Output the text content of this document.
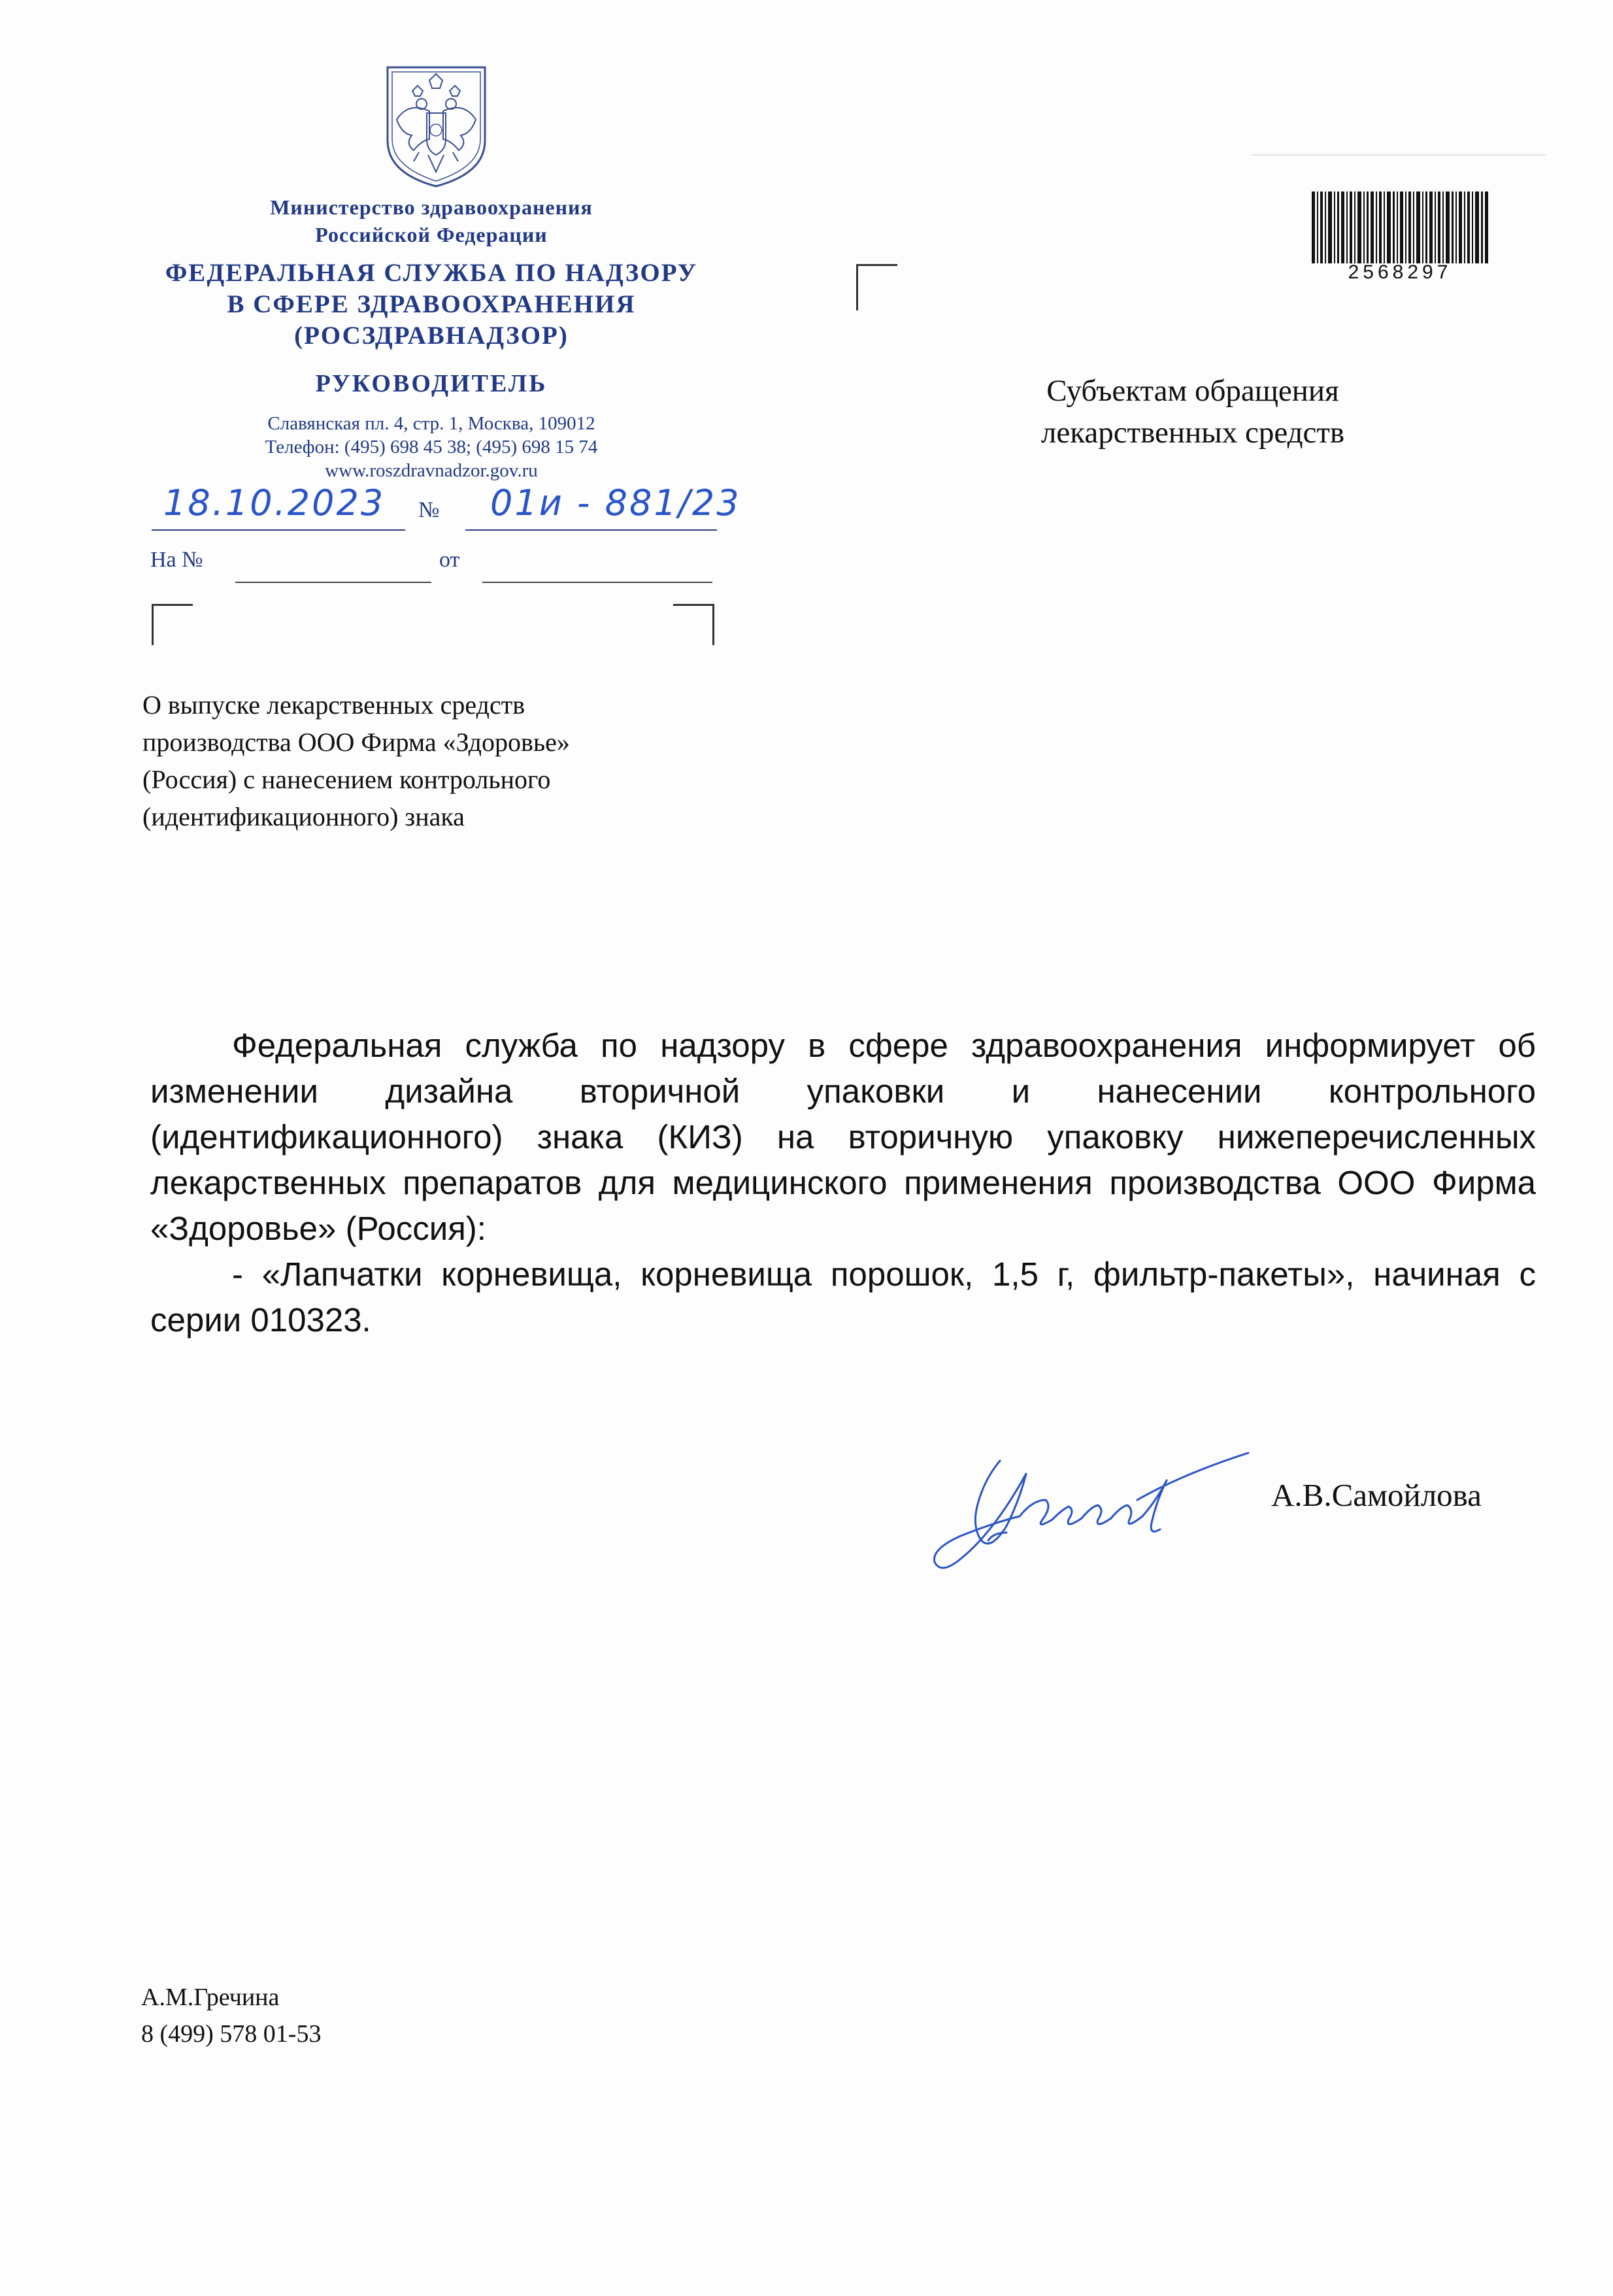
Министерство здравоохранения
Российской Федерации
ФЕДЕРАЛЬНАЯ СЛУЖБА ПО НАДЗОРУ
В СФЕРЕ ЗДРАВООХРАНЕНИЯ
(РОСЗДРАВНАДЗОР)
РУКОВОДИТЕЛЬ
Славянская пл. 4, стр. 1, Москва, 109012
Телефон: (495) 698 45 38; (495) 698 15 74
www.roszdravnadzor.gov.ru
18.10.2023 № 01и - 881/23
На №	от
2568297
Субъектам обращения
лекарственных средств
О выпуске лекарственных средств
производства ООО Фирма «Здоровье»
(Россия) с нанесением контрольного
(идентификационного) знака

Федеральная служба по надзору в сфере здравоохранения информирует об изменении дизайна вторичной упаковки и нанесении контрольного (идентификационного) знака (КИЗ) на вторичную упаковку нижеперечисленных лекарственных препаратов для медицинского применения производства ООО Фирма «Здоровье» (Россия):

- «Лапчатки корневища, корневища порошок, 1,5 г, фильтр-пакеты», начиная с серии 010323.

А.В.Самойлова
А.М.Гречина
8 (499) 578 01-53
